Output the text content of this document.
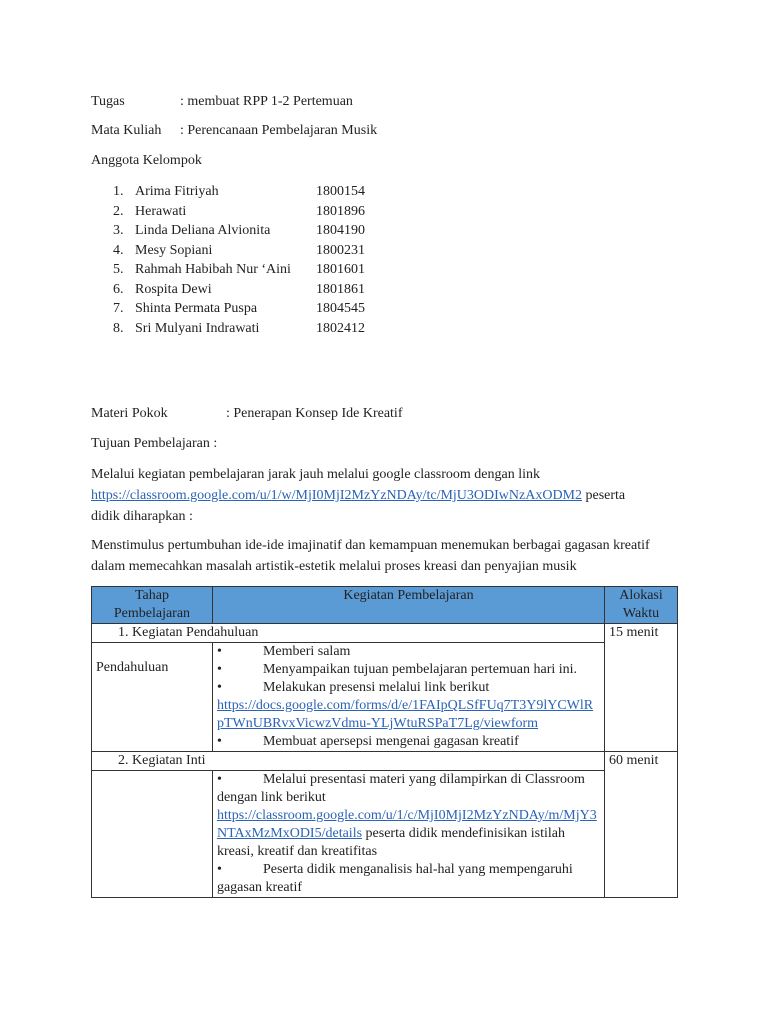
Tugas	: membuat RPP 1-2 Pertemuan
Mata Kuliah : Perencanaan Pembelajaran Musik
Anggota Kelompok
1. Arima Fitriyah	1800154
2. Herawati	1801896
3. Linda Deliana Alvionita	1804190
4. Mesy Sopiani	1800231
5. Rahmah Habibah Nur ‘Aini 1801601
6. Rospita Dewi	1801861
7. Shinta Permata Puspa	1804545
8. Sri Mulyani Indrawati	1802412
Materi Pokok	: Penerapan Konsep Ide Kreatif
Tujuan Pembelajaran :
Melalui kegiatan pembelajaran jarak jauh melalui google classroom dengan link
https://classroom.google.com/u/1/w/MjI0MjI2MzYzNDAy/tc/MjU3ODIwNzAxODM2 peserta
didik diharapkan :
Menstimulus pertumbuhan ide-ide imajinatif dan kemampuan menemukan berbagai gagasan kreatif dalam memecahkan masalah artistik-estetik melalui proses kreasi dan penyajian musik
Tahap Pembelajaran	Kegiatan Pembelajaran	Alokasi Waktu
1. Kegiatan Pendahuluan		15 menit
Pendahuluan	• Memberi salam
• Menyampaikan tujuan pembelajaran pertemuan hari ini.
• Melakukan presensi melalui link berikut
https://docs.google.com/forms/d/e/1FAIpQLSfFUq7T3Y9lYCWlRpTWnUBRvxVicwzVdmu-YLjWtuRSPaT7Lg/viewform
• Membuat apersepsi mengenai gagasan kreatif	

2. Kegiatan Inti		60 menit

	• Melalui presentasi materi yang dilampirkan di Classroom dengan link berikut
https://classroom.google.com/u/1/c/MjI0MjI2MzYzNDAy/m/MjY3NTAxMzMxODI5/details peserta didik mendefinisikan istilah kreasi, kreatif dan kreatifitas
• Peserta didik menganalisis hal-hal yang mempengaruhi gagasan kreatif	
